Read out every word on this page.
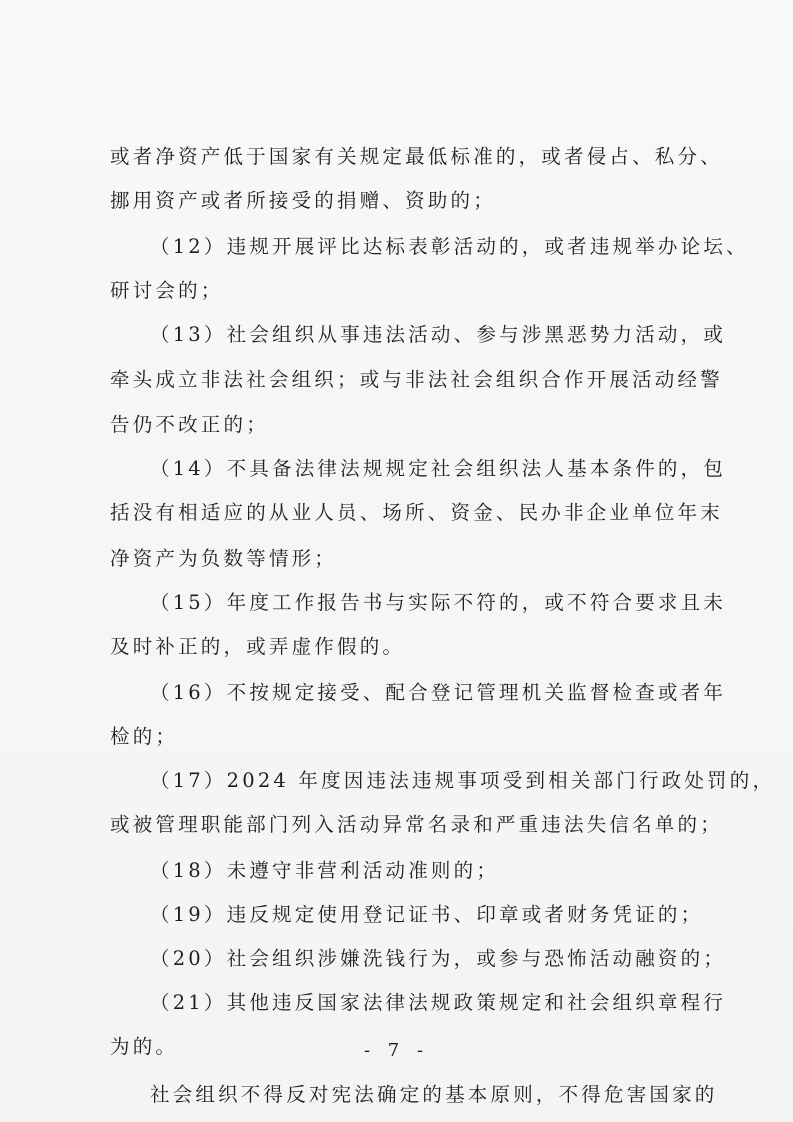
或者净资产低于国家有关规定最低标准的，或者侵占、私分、
挪用资产或者所接受的捐赠、资助的；
（12）违规开展评比达标表彰活动的，或者违规举办论坛、
研讨会的；
（13）社会组织从事违法活动、参与涉黑恶势力活动，或
牵头成立非法社会组织；或与非法社会组织合作开展活动经警
告仍不改正的；
（14）不具备法律法规规定社会组织法人基本条件的，包
括没有相适应的从业人员、场所、资金、民办非企业单位年末
净资产为负数等情形；
（15）年度工作报告书与实际不符的，或不符合要求且未
及时补正的，或弄虚作假的。
（16）不按规定接受、配合登记管理机关监督检查或者年
检的；
（17）2024 年度因违法违规事项受到相关部门行政处罚的，
或被管理职能部门列入活动异常名录和严重违法失信名单的；
（18）未遵守非营利活动准则的；
（19）违反规定使用登记证书、印章或者财务凭证的；
（20）社会组织涉嫌洗钱行为，或参与恐怖活动融资的；
（21）其他违反国家法律法规政策规定和社会组织章程行
为的。
社会组织不得反对宪法确定的基本原则，不得危害国家的
- 7 -
